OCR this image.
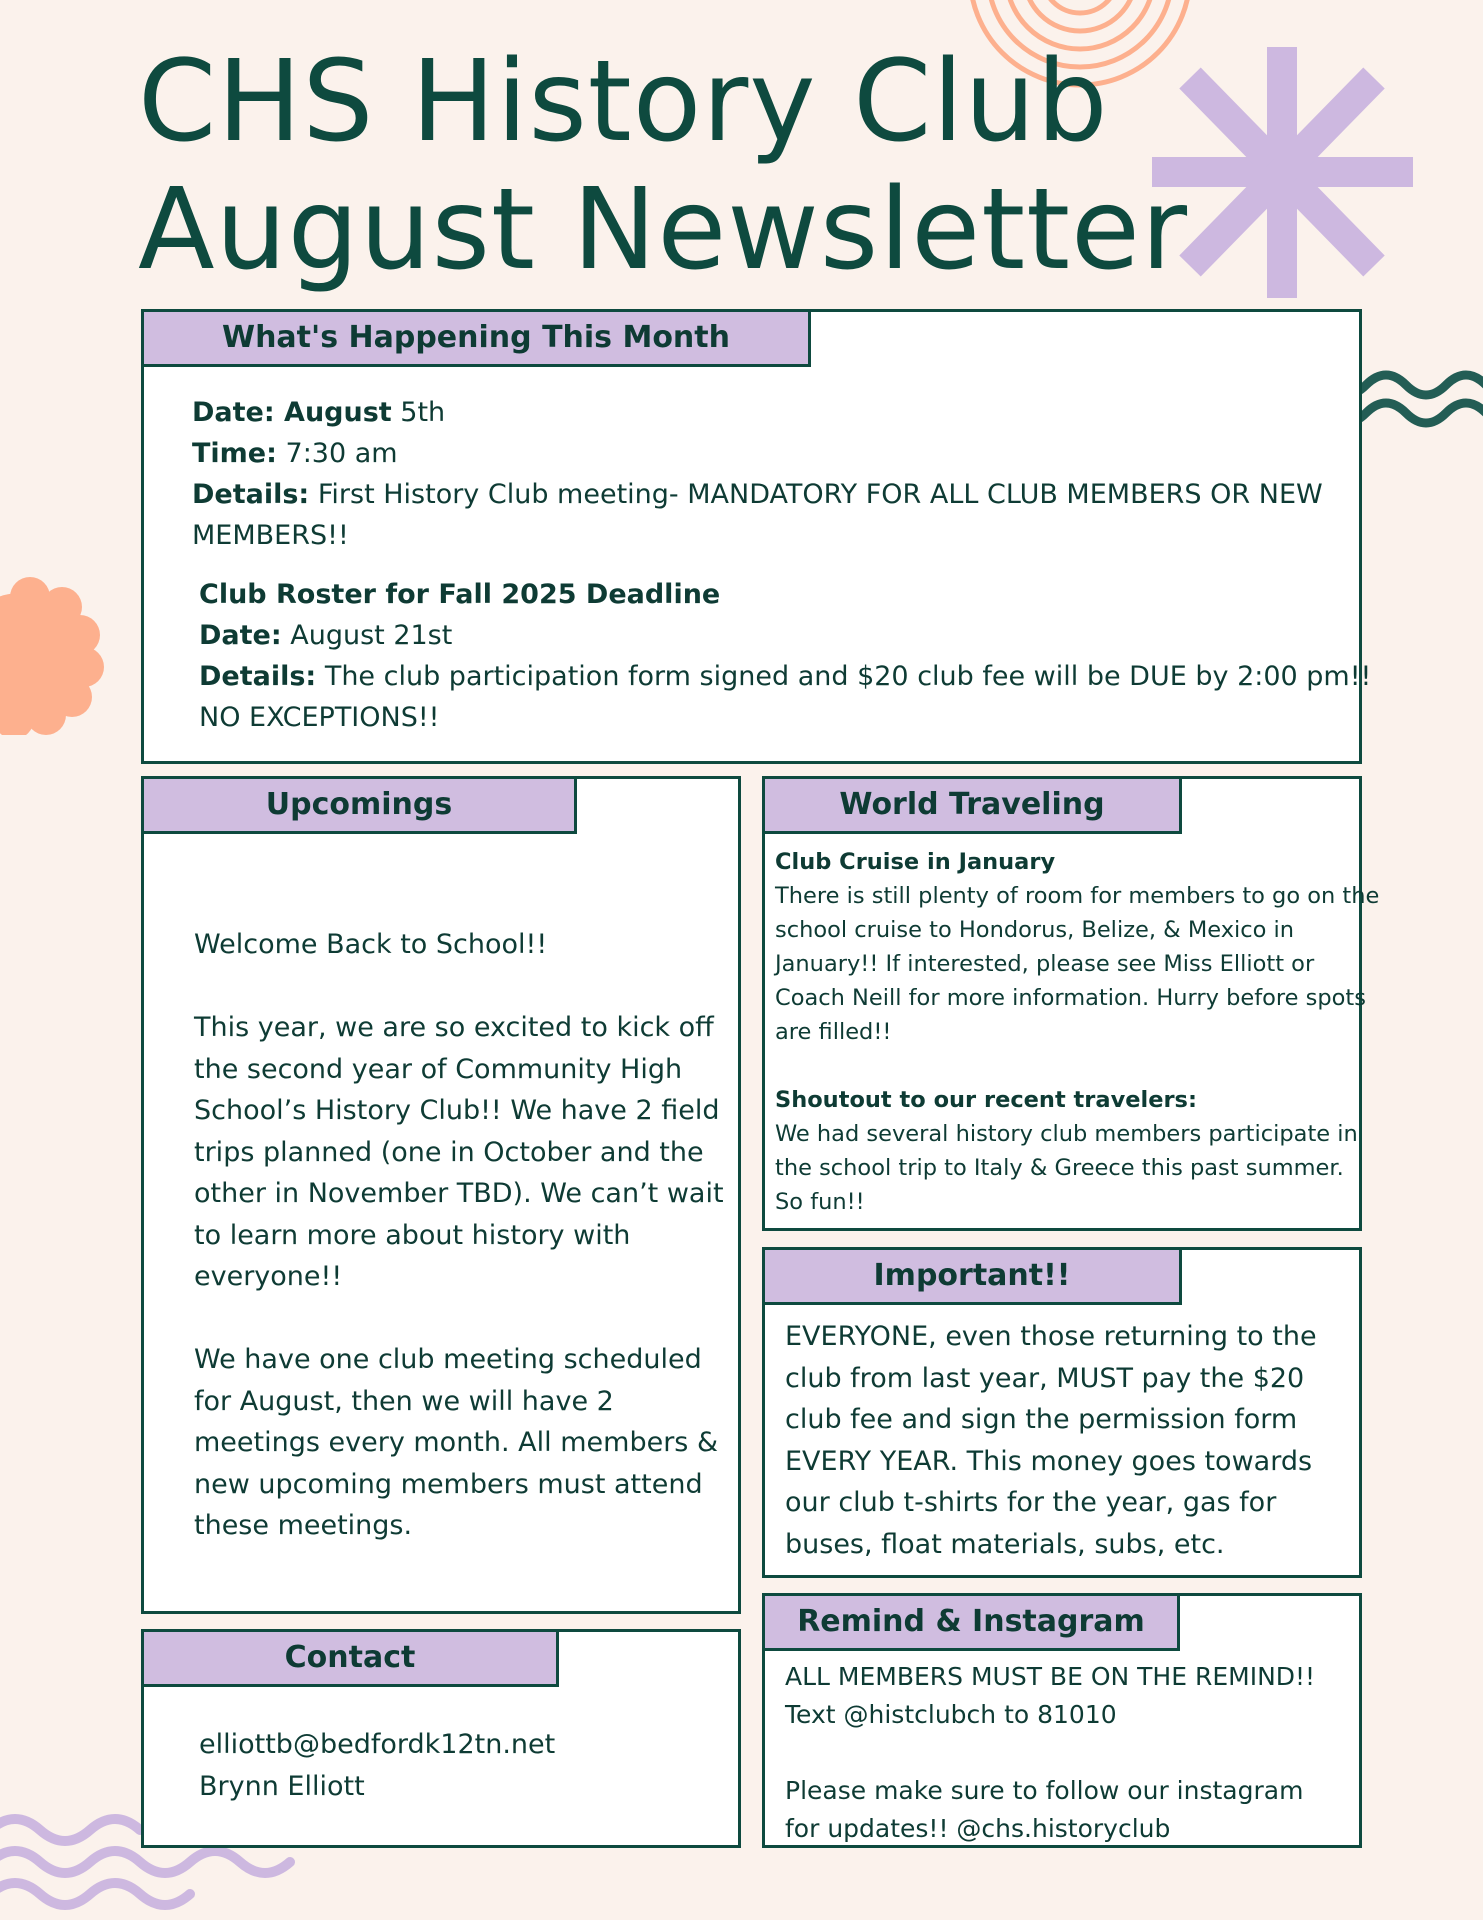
CHS History Club
August Newsletter
What's Happening This Month
Date: August 5th
Time: 7:30 am
Details: First History Club meeting- MANDATORY FOR ALL CLUB MEMBERS OR NEW
MEMBERS!!
Club Roster for Fall 2025 Deadline
Date: August 21st
Details: The club participation form signed and $20 club fee will be DUE by 2:00 pm!!
NO EXCEPTIONS!!
Upcomings
Welcome Back to School!!

This year, we are so excited to kick off
the second year of Community High
School’s History Club!! We have 2 field
trips planned (one in October and the
other in November TBD). We can’t wait
to learn more about history with
everyone!!

We have one club meeting scheduled
for August, then we will have 2
meetings every month. All members &
new upcoming members must attend
these meetings.
World Traveling
Club Cruise in January
There is still plenty of room for members to go on the
school cruise to Hondorus, Belize, & Mexico in
January!! If interested, please see Miss Elliott or
Coach Neill for more information. Hurry before spots
are filled!!

Shoutout to our recent travelers:
We had several history club members participate in
the school trip to Italy & Greece this past summer.
So fun!!
Important!!
EVERYONE, even those returning to the
club from last year, MUST pay the $20
club fee and sign the permission form
EVERY YEAR. This money goes towards
our club t-shirts for the year, gas for
buses, float materials, subs, etc.
Contact
elliottb@bedfordk12tn.net
Brynn Elliott
Remind & Instagram
ALL MEMBERS MUST BE ON THE REMIND!!
Text @histclubch to 81010

Please make sure to follow our instagram
for updates!! @chs.historyclub
